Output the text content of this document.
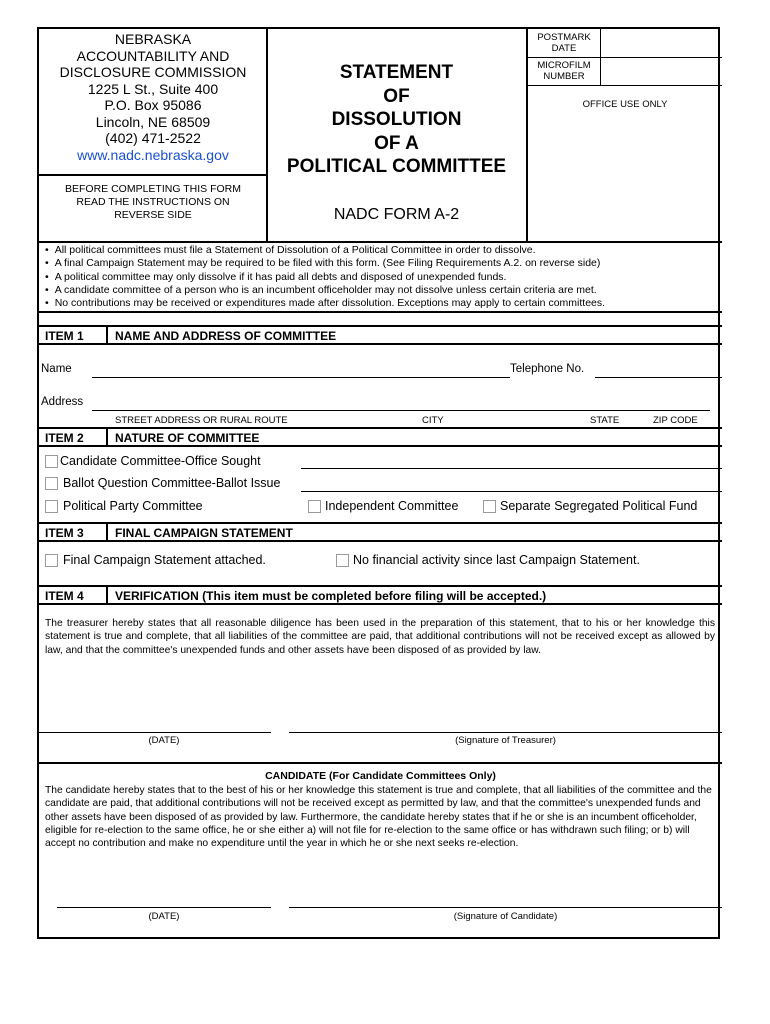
NEBRASKA
ACCOUNTABILITY AND
DISCLOSURE COMMISSION
1225 L St., Suite 400
P.O. Box 95086
Lincoln, NE 68509
(402) 471-2522
www.nadc.nebraska.gov
BEFORE COMPLETING THIS FORM
READ THE INSTRUCTIONS ON
REVERSE SIDE
STATEMENT
OF
DISSOLUTION
OF A
POLITICAL COMMITTEE
NADC FORM A-2
POSTMARK DATE
MICROFILM NUMBER
OFFICE USE ONLY
• All political committees must file a Statement of Dissolution of a Political Committee in order to dissolve.
• A final Campaign Statement may be required to be filed with this form. (See Filing Requirements A.2. on reverse side)
• A political committee may only dissolve if it has paid all debts and disposed of unexpended funds.
• A candidate committee of a person who is an incumbent officeholder may not dissolve unless certain criteria are met.
• No contributions may be received or expenditures made after dissolution. Exceptions may apply to certain committees.
ITEM 1	NAME AND ADDRESS OF COMMITTEE
Name	Telephone No.
Address
STREET ADDRESS OR RURAL ROUTE	CITY	STATE	ZIP CODE
ITEM 2	NATURE OF COMMITTEE
Candidate Committee-Office Sought
Ballot Question Committee-Ballot Issue
Political Party Committee	Independent Committee	Separate Segregated Political Fund
ITEM 3	FINAL CAMPAIGN STATEMENT
Final Campaign Statement attached.	No financial activity since last Campaign Statement.
ITEM 4	VERIFICATION (This item must be completed before filing will be accepted.)
The treasurer hereby states that all reasonable diligence has been used in the preparation of this statement, that to his or her knowledge this statement is true and complete, that all liabilities of the committee are paid, that additional contributions will not be received except as allowed by law, and that the committee's unexpended funds and other assets have been disposed of as provided by law.
(DATE)	(Signature of Treasurer)
CANDIDATE (For Candidate Committees Only)
The candidate hereby states that to the best of his or her knowledge this statement is true and complete, that all liabilities of the committee and the candidate are paid, that additional contributions will not be received except as permitted by law, and that the committee's unexpended funds and other assets have been disposed of as provided by law. Furthermore, the candidate hereby states that if he or she is an incumbent officeholder, eligible for re-election to the same office, he or she either a) will not file for re-election to the same office or has withdrawn such filing; or b) will accept no contribution and make no expenditure until the year in which he or she next seeks re-election.
(DATE)	(Signature of Candidate)
